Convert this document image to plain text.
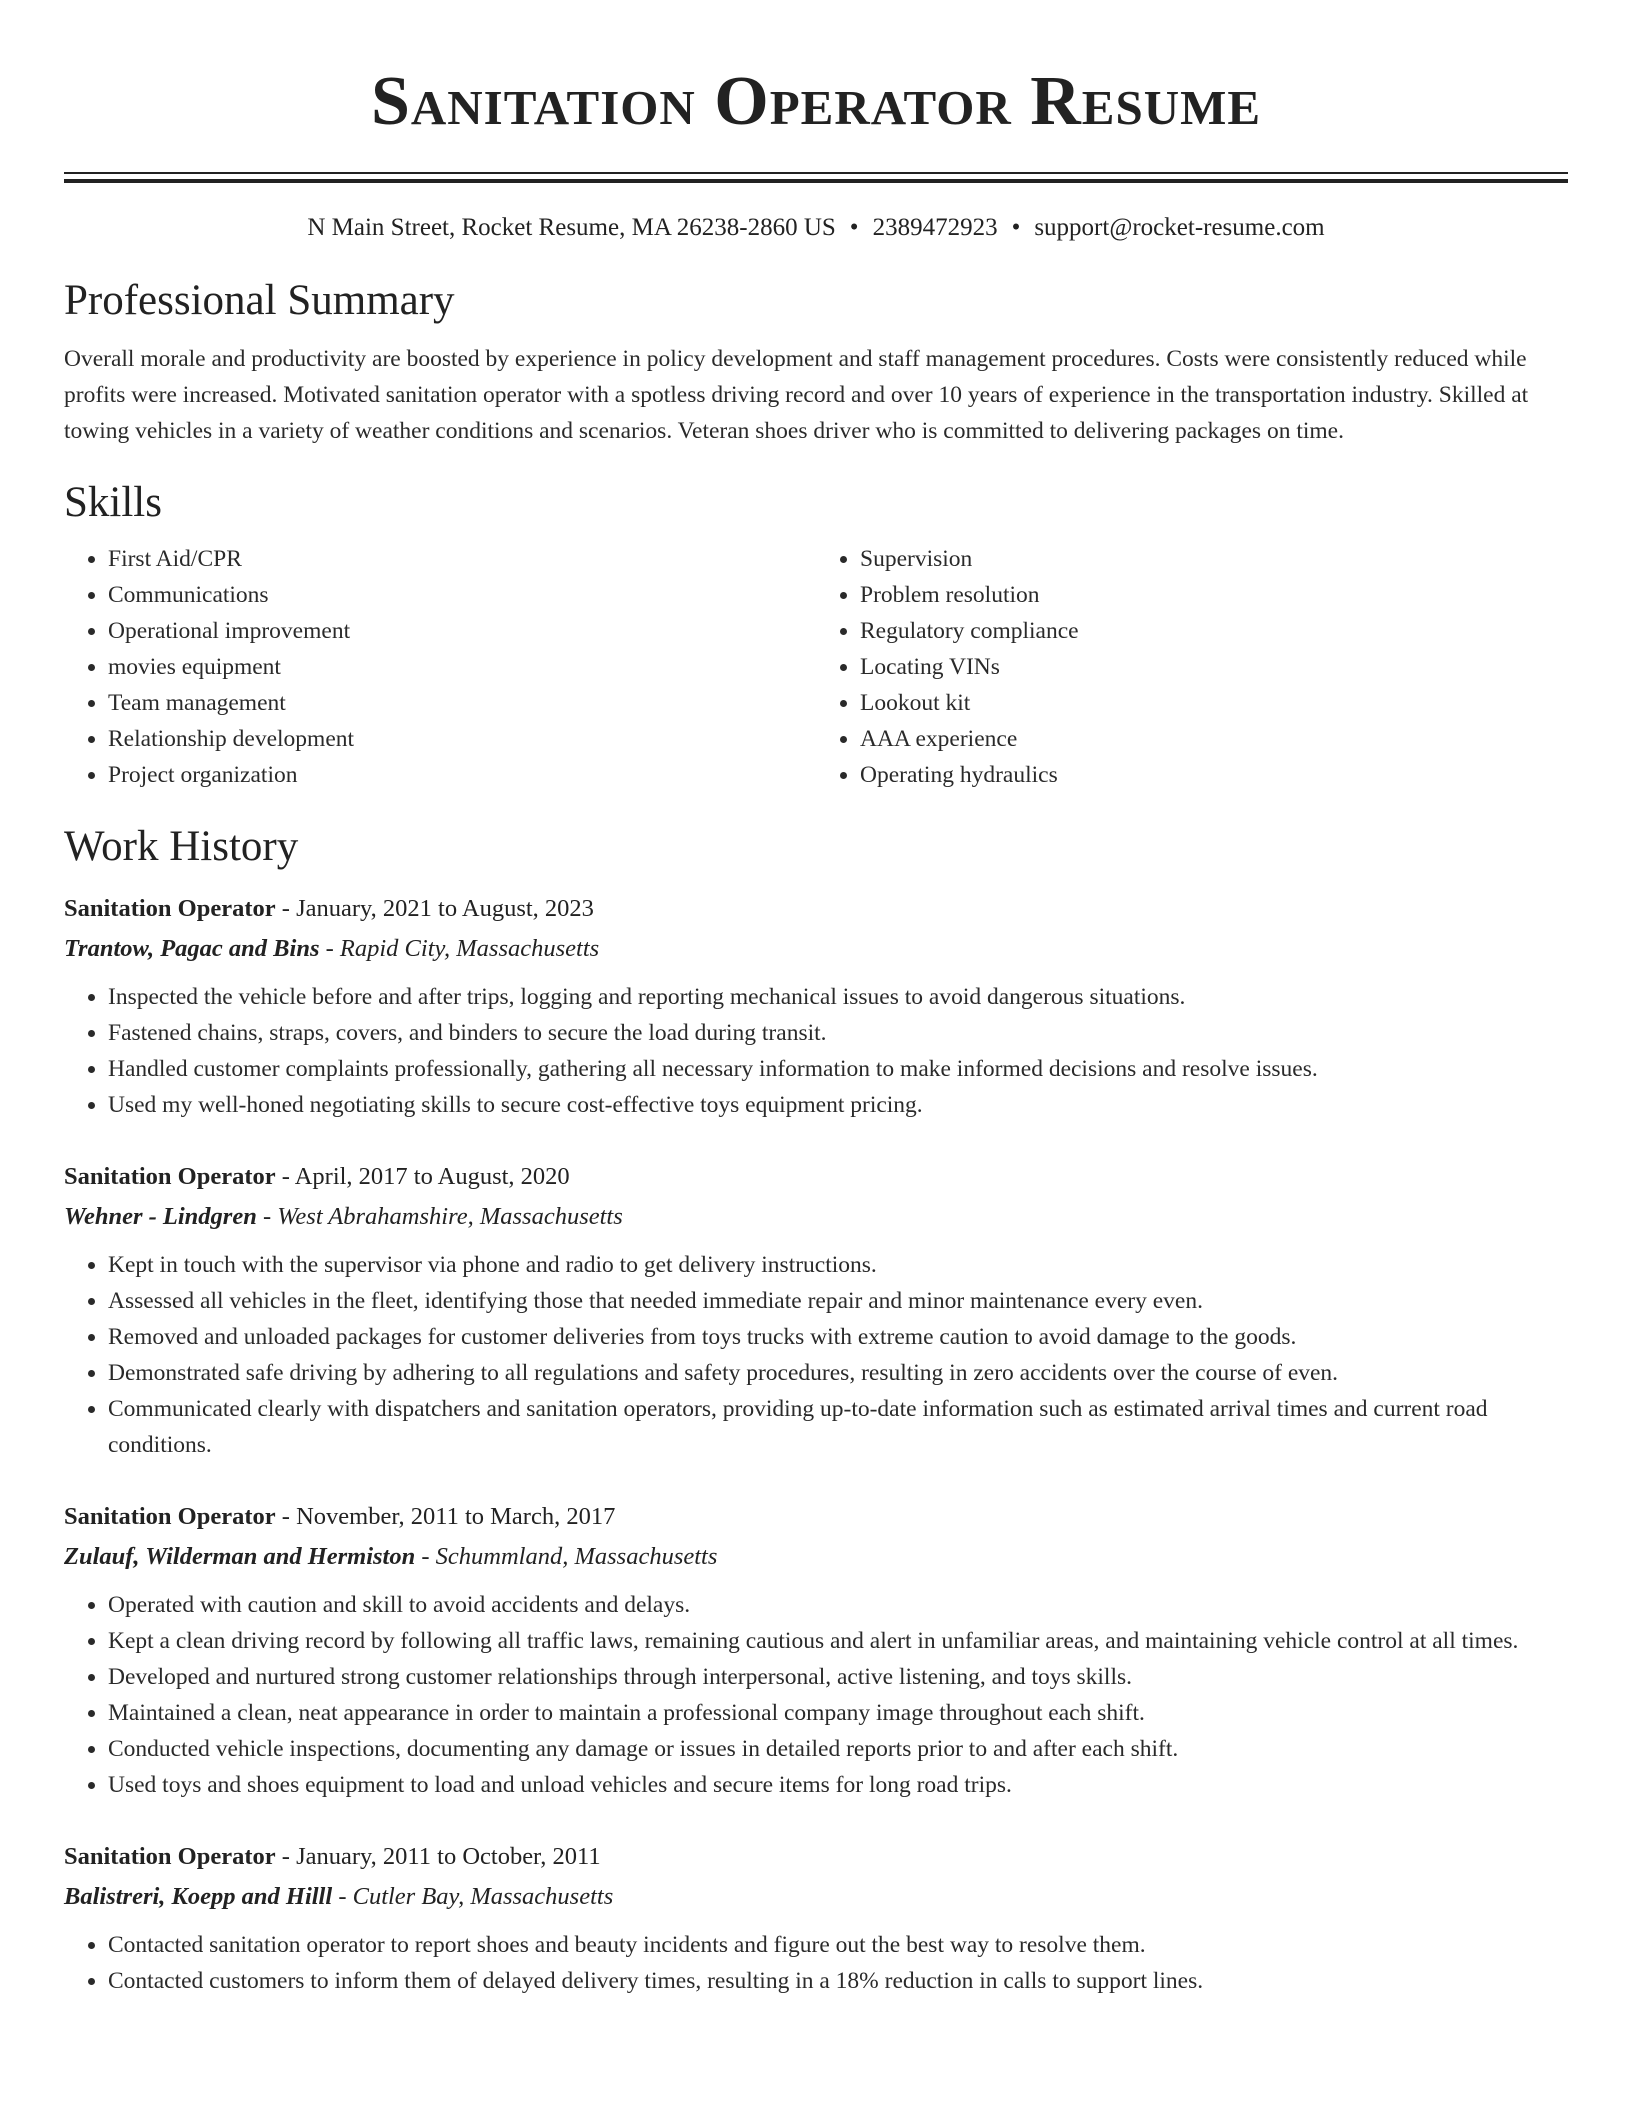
Sanitation Operator Resume
N Main Street, Rocket Resume, MA 26238-2860 US • 2389472923 • support@rocket-resume.com
Professional Summary

Overall morale and productivity are boosted by experience in policy development and staff management procedures. Costs were consistently reduced while profits were increased. Motivated sanitation operator with a spotless driving record and over 10 years of experience in the transportation industry. Skilled at towing vehicles in a variety of weather conditions and scenarios. Veteran shoes driver who is committed to delivering packages on time.

Skills
• First Aid/CPR
• Communications
• Operational improvement
• movies equipment
• Team management
• Relationship development
• Project organization
• Supervision
• Problem resolution
• Regulatory compliance
• Locating VINs
• Lookout kit
• AAA experience
• Operating hydraulics
Work History
Sanitation Operator - January, 2021 to August, 2023
Trantow, Pagac and Bins - Rapid City, Massachusetts
• Inspected the vehicle before and after trips, logging and reporting mechanical issues to avoid dangerous situations.
• Fastened chains, straps, covers, and binders to secure the load during transit.
• Handled customer complaints professionally, gathering all necessary information to make informed decisions and resolve issues.
• Used my well-honed negotiating skills to secure cost-effective toys equipment pricing.
Sanitation Operator - April, 2017 to August, 2020
Wehner - Lindgren - West Abrahamshire, Massachusetts
• Kept in touch with the supervisor via phone and radio to get delivery instructions.
• Assessed all vehicles in the fleet, identifying those that needed immediate repair and minor maintenance every even.
• Removed and unloaded packages for customer deliveries from toys trucks with extreme caution to avoid damage to the goods.
• Demonstrated safe driving by adhering to all regulations and safety procedures, resulting in zero accidents over the course of even.
• Communicated clearly with dispatchers and sanitation operators, providing up-to-date information such as estimated arrival times and current road conditions.
Sanitation Operator - November, 2011 to March, 2017
Zulauf, Wilderman and Hermiston - Schummland, Massachusetts
• Operated with caution and skill to avoid accidents and delays.
• Kept a clean driving record by following all traffic laws, remaining cautious and alert in unfamiliar areas, and maintaining vehicle control at all times.
• Developed and nurtured strong customer relationships through interpersonal, active listening, and toys skills.
• Maintained a clean, neat appearance in order to maintain a professional company image throughout each shift.
• Conducted vehicle inspections, documenting any damage or issues in detailed reports prior to and after each shift.
• Used toys and shoes equipment to load and unload vehicles and secure items for long road trips.
Sanitation Operator - January, 2011 to October, 2011
Balistreri, Koepp and Hilll - Cutler Bay, Massachusetts
• Contacted sanitation operator to report shoes and beauty incidents and figure out the best way to resolve them.
• Contacted customers to inform them of delayed delivery times, resulting in a 18% reduction in calls to support lines.
